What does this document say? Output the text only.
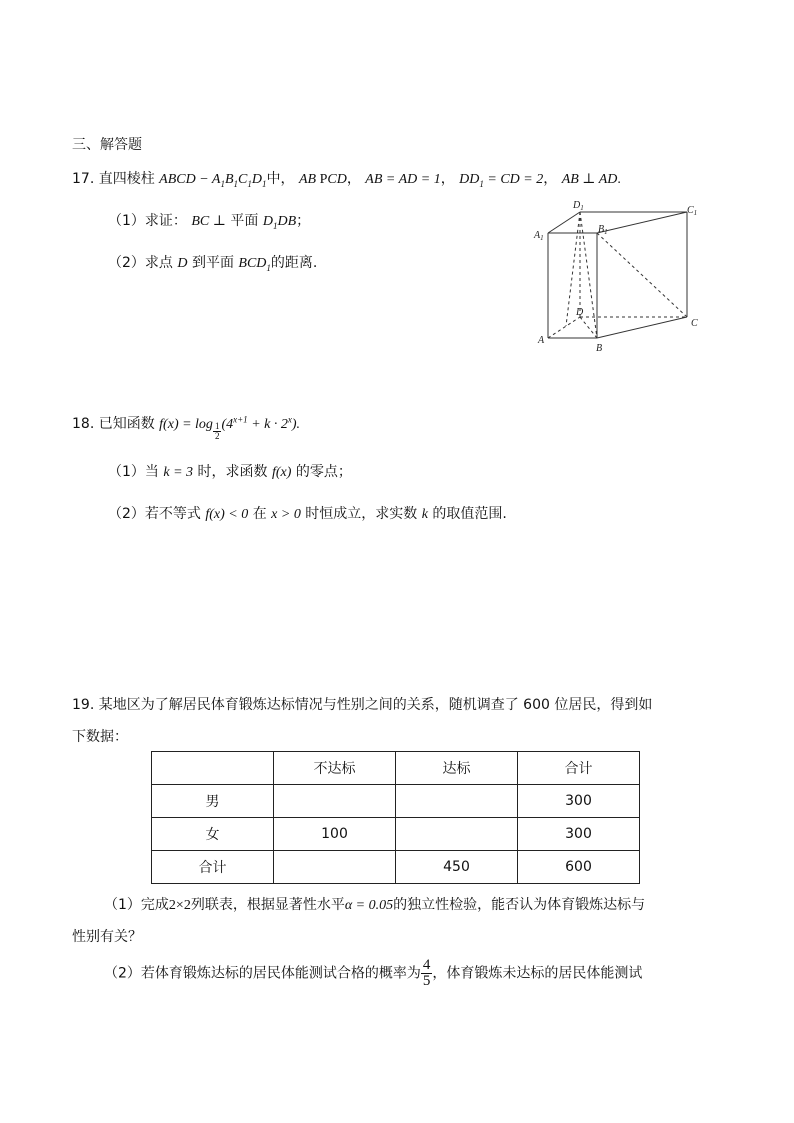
三、解答题
17. 直四棱柱 ABCD − $A_1B_1C_1D_1$中， AB PCD， AB = AD = 1， $DD_1$ = CD = 2， AB ⊥ AD.
（1）求证： BC ⊥ 平面 $D_1DB$；
（2）求点 D 到平面 $BCD_1$的距离.
$D_1$	$C_1$
$A_1$
$B_1$
D
C
A
B
18. 已知函数 $f(x) = \log \frac{1}{2} (4^{x+1} + k \cdot 2^x)$.
（1）当 k = 3 时，求函数 f(x) 的零点；
（2）若不等式 f(x) < 0 在 x > 0 时恒成立，求实数 k 的取值范围.
19. 某地区为了解居民体育锻炼达标情况与性别之间的关系，随机调查了 600 位居民，得到如
下数据：
	不达标	达标	合计
男			300
女	100		300
合计		450	600
（1）完成2×2列联表，根据显著性水平α = 0.05的独立性检验，能否认为体育锻炼达标与
性别有关？
（2）若体育锻炼达标的居民体能测试合格的概率为 $\frac{4}{5}$ ，体育锻炼未达标的居民体能测试
